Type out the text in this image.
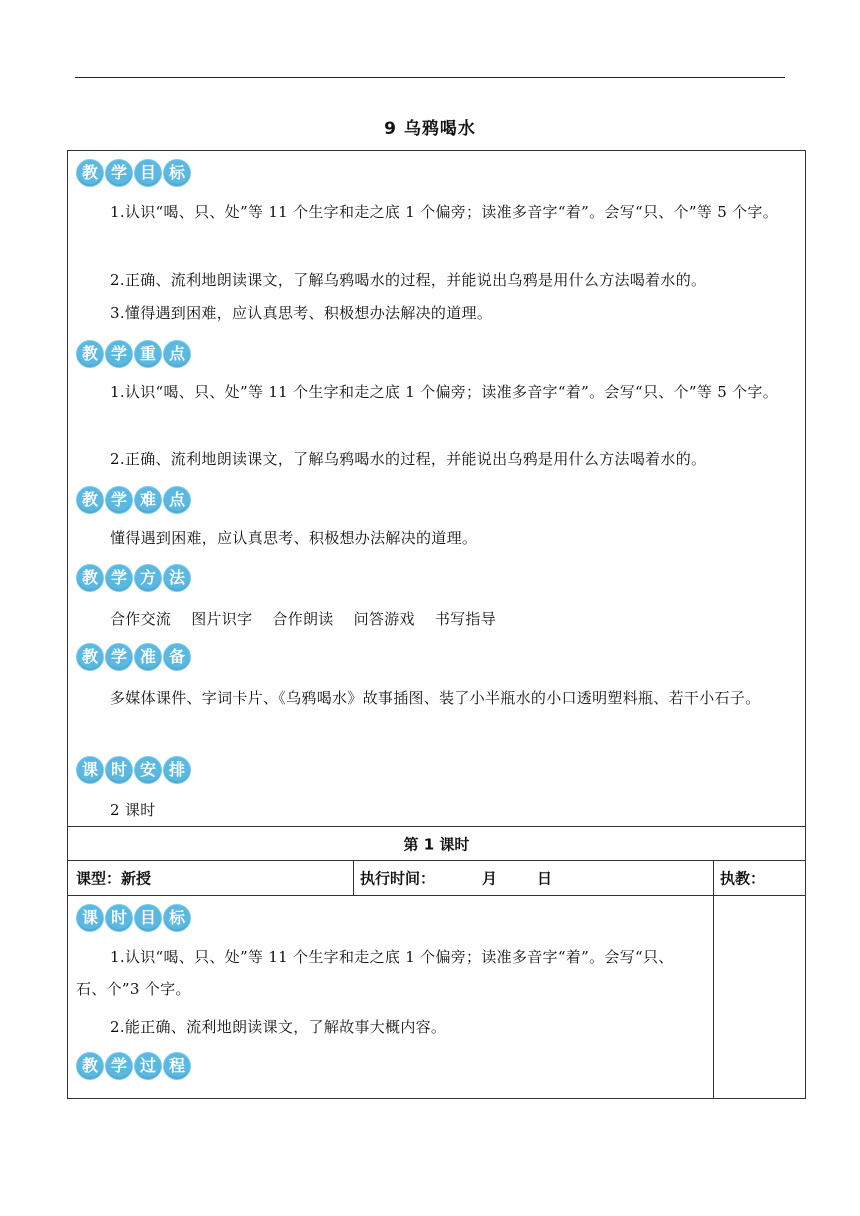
9 乌鸦喝水
教 学 目 标
1.认识“喝、只、处”等 11 个生字和走之底 1 个偏旁；读准多音字“着”。会写“只、个”等 5 个字。
2.正确、流利地朗读课文，了解乌鸦喝水的过程，并能说出乌鸦是用什么方法喝着水的。
3.懂得遇到困难，应认真思考、积极想办法解决的道理。
教 学 重 点
1.认识“喝、只、处”等 11 个生字和走之底 1 个偏旁；读准多音字“着”。会写“只、个”等 5 个字。
2.正确、流利地朗读课文，了解乌鸦喝水的过程，并能说出乌鸦是用什么方法喝着水的。
教 学 难 点
懂得遇到困难，应认真思考、积极想办法解决的道理。
教 学 方 法
合作交流 图片识字 合作朗读 问答游戏 书写指导
教 学 准 备
多媒体课件、字词卡片、《乌鸦喝水》故事插图、装了小半瓶水的小口透明塑料瓶、若干小石子。
课 时 安 排
2 课时
第 1 课时
课型：新授	执行时间：	月	日	执教：
课 时 目 标
1.认识“喝、只、处”等 11 个生字和走之底 1 个偏旁；读准多音字“着”。会写“只、石、个”3 个字。
2.能正确、流利地朗读课文，了解故事大概内容。
教 学 过 程
